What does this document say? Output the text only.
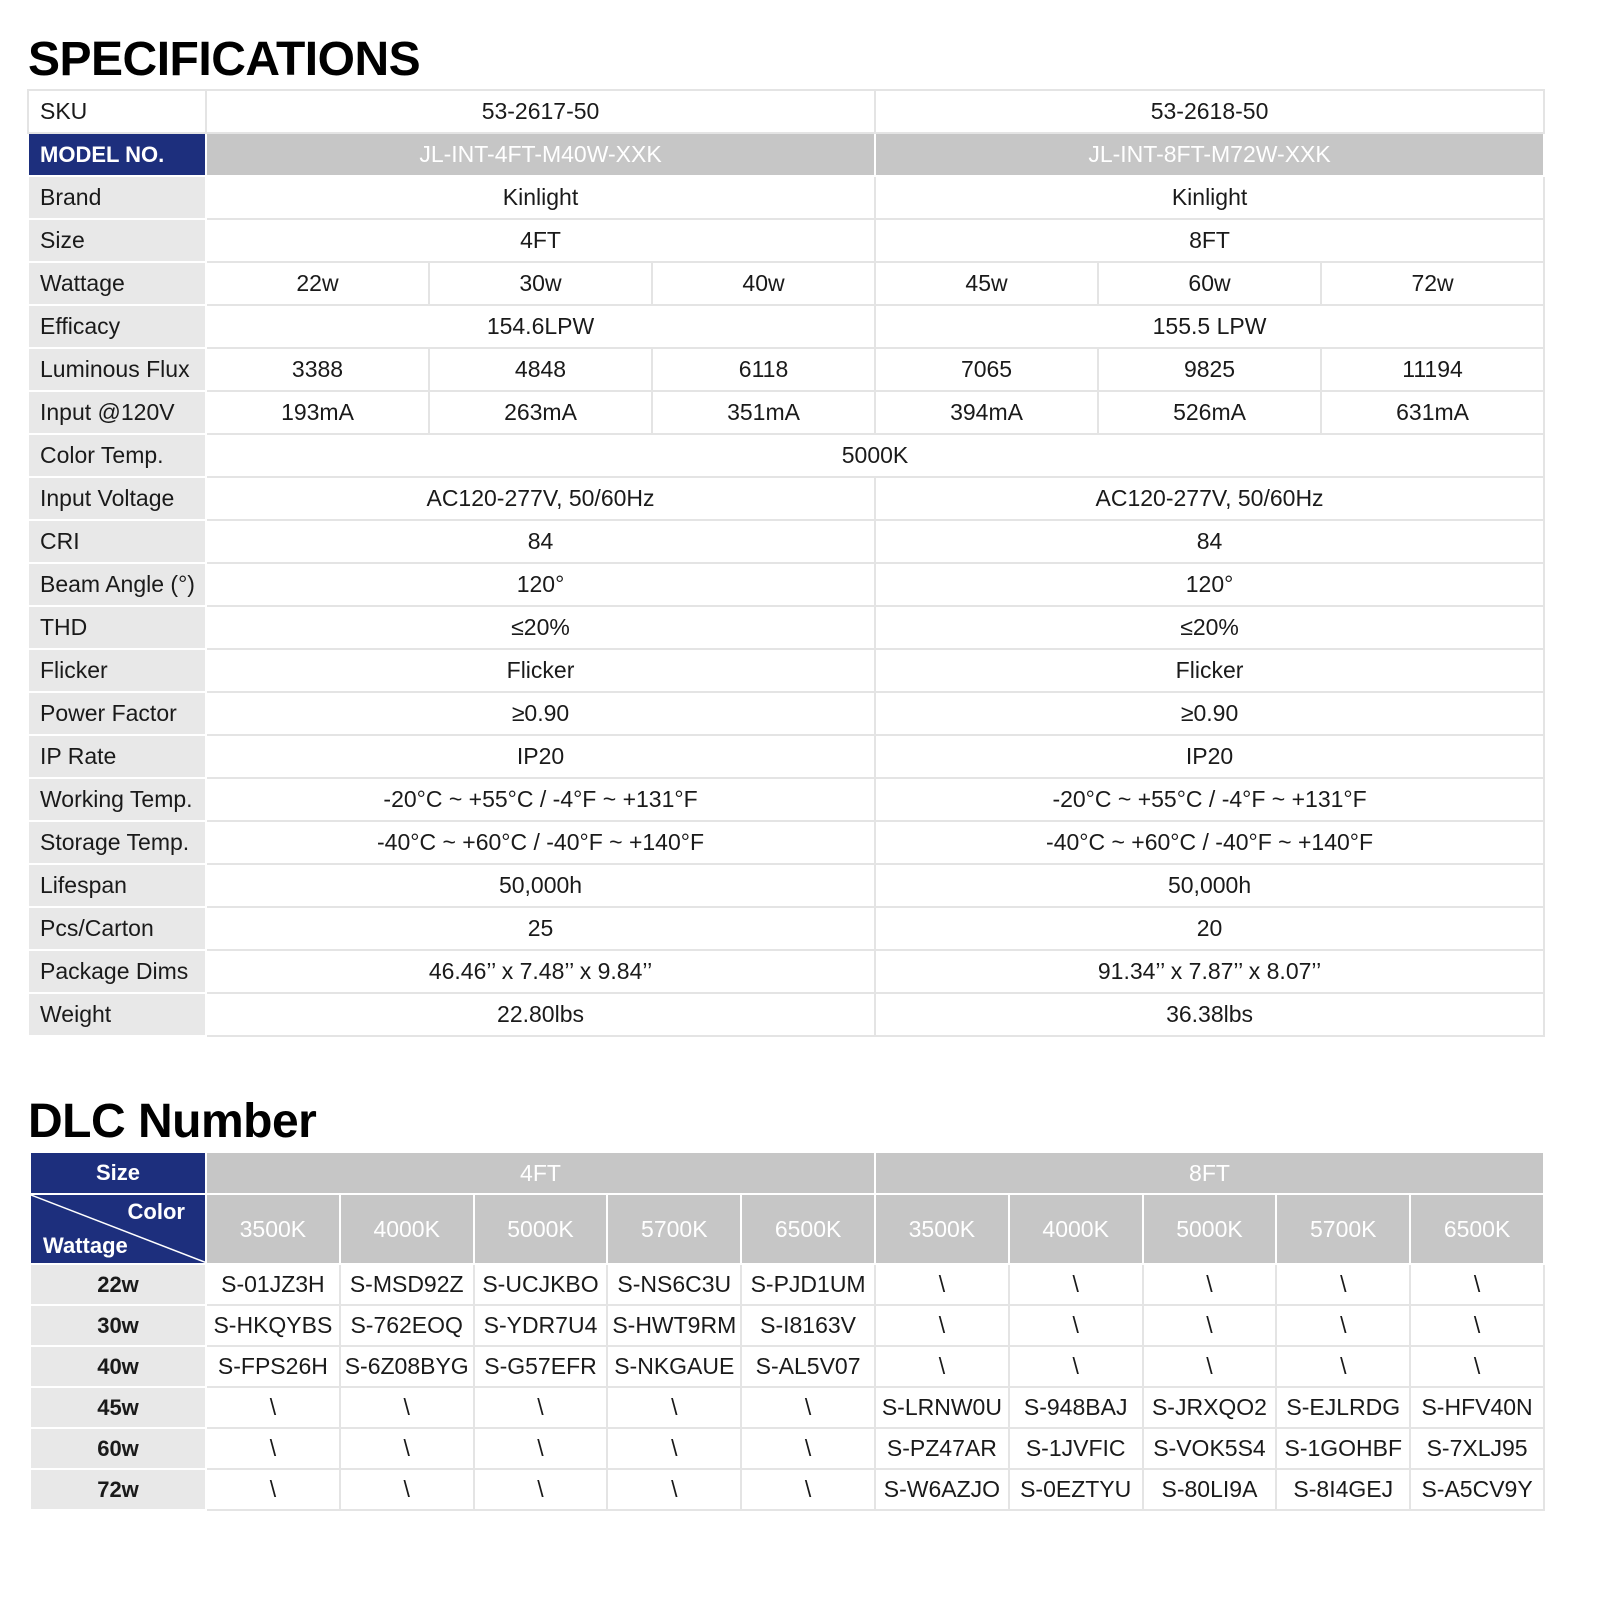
SPECIFICATIONS
SKU	53-2617-50			53-2618-50		
MODEL NO.	JL-INT-4FT-M40W-XXK			JL-INT-8FT-M72W-XXK		
Brand	Kinlight			Kinlight		
Size	4FT			8FT		
Wattage	22w	30w	40w	45w	60w	72w
Efficacy	154.6LPW			155.5 LPW		
Luminous Flux	3388	4848	6118	7065	9825	11194
Input @120V	193mA	263mA	351mA	394mA	526mA	631mA
Color Temp.	5000K					
Input Voltage	AC120-277V, 50/60Hz			AC120-277V, 50/60Hz		
CRI	84			84		
Beam Angle (°)	120°			120°		
THD	≤20%			≤20%		
Flicker	Flicker			Flicker		
Power Factor	≥0.90			≥0.90		
IP Rate	IP20			IP20		
Working Temp.	-20°C ~ +55°C / -4°F ~ +131°F			-20°C ~ +55°C / -4°F ~ +131°F		
Storage Temp.	-40°C ~ +60°C / -40°F ~ +140°F			-40°C ~ +60°C / -40°F ~ +140°F		
Lifespan	50,000h			50,000h		
Pcs/Carton	25			20		
Package Dims	46.46’’ x 7.48’’ x 9.84’’			91.34’’ x 7.87’’ x 8.07’’		
Weight	22.80lbs			36.38lbs		
DLC Number
Size	4FT					8FT				

Color
Wattage	3500K	4000K	5000K	5700K	6500K	3500K	4000K	5000K	5700K	6500K
22w	S-01JZ3H	S-MSD92Z	S-UCJKBO	S-NS6C3U	S-PJD1UM	\	\	\	\	\
30w	S-HKQYBS	S-762EOQ	S-YDR7U4	S-HWT9RM	S-I8163V	\	\	\	\	\
40w	S-FPS26H	S-6Z08BYG	S-G57EFR	S-NKGAUE	S-AL5V07	\	\	\	\	\
45w	\	\	\	\	\	S-LRNW0U	S-948BAJ	S-JRXQO2	S-EJLRDG	S-HFV40N
60w	\	\	\	\	\	S-PZ47AR	S-1JVFIC	S-VOK5S4	S-1GOHBF	S-7XLJ95
72w	\	\	\	\	\	S-W6AZJO	S-0EZTYU	S-80LI9A	S-8I4GEJ	S-A5CV9Y
